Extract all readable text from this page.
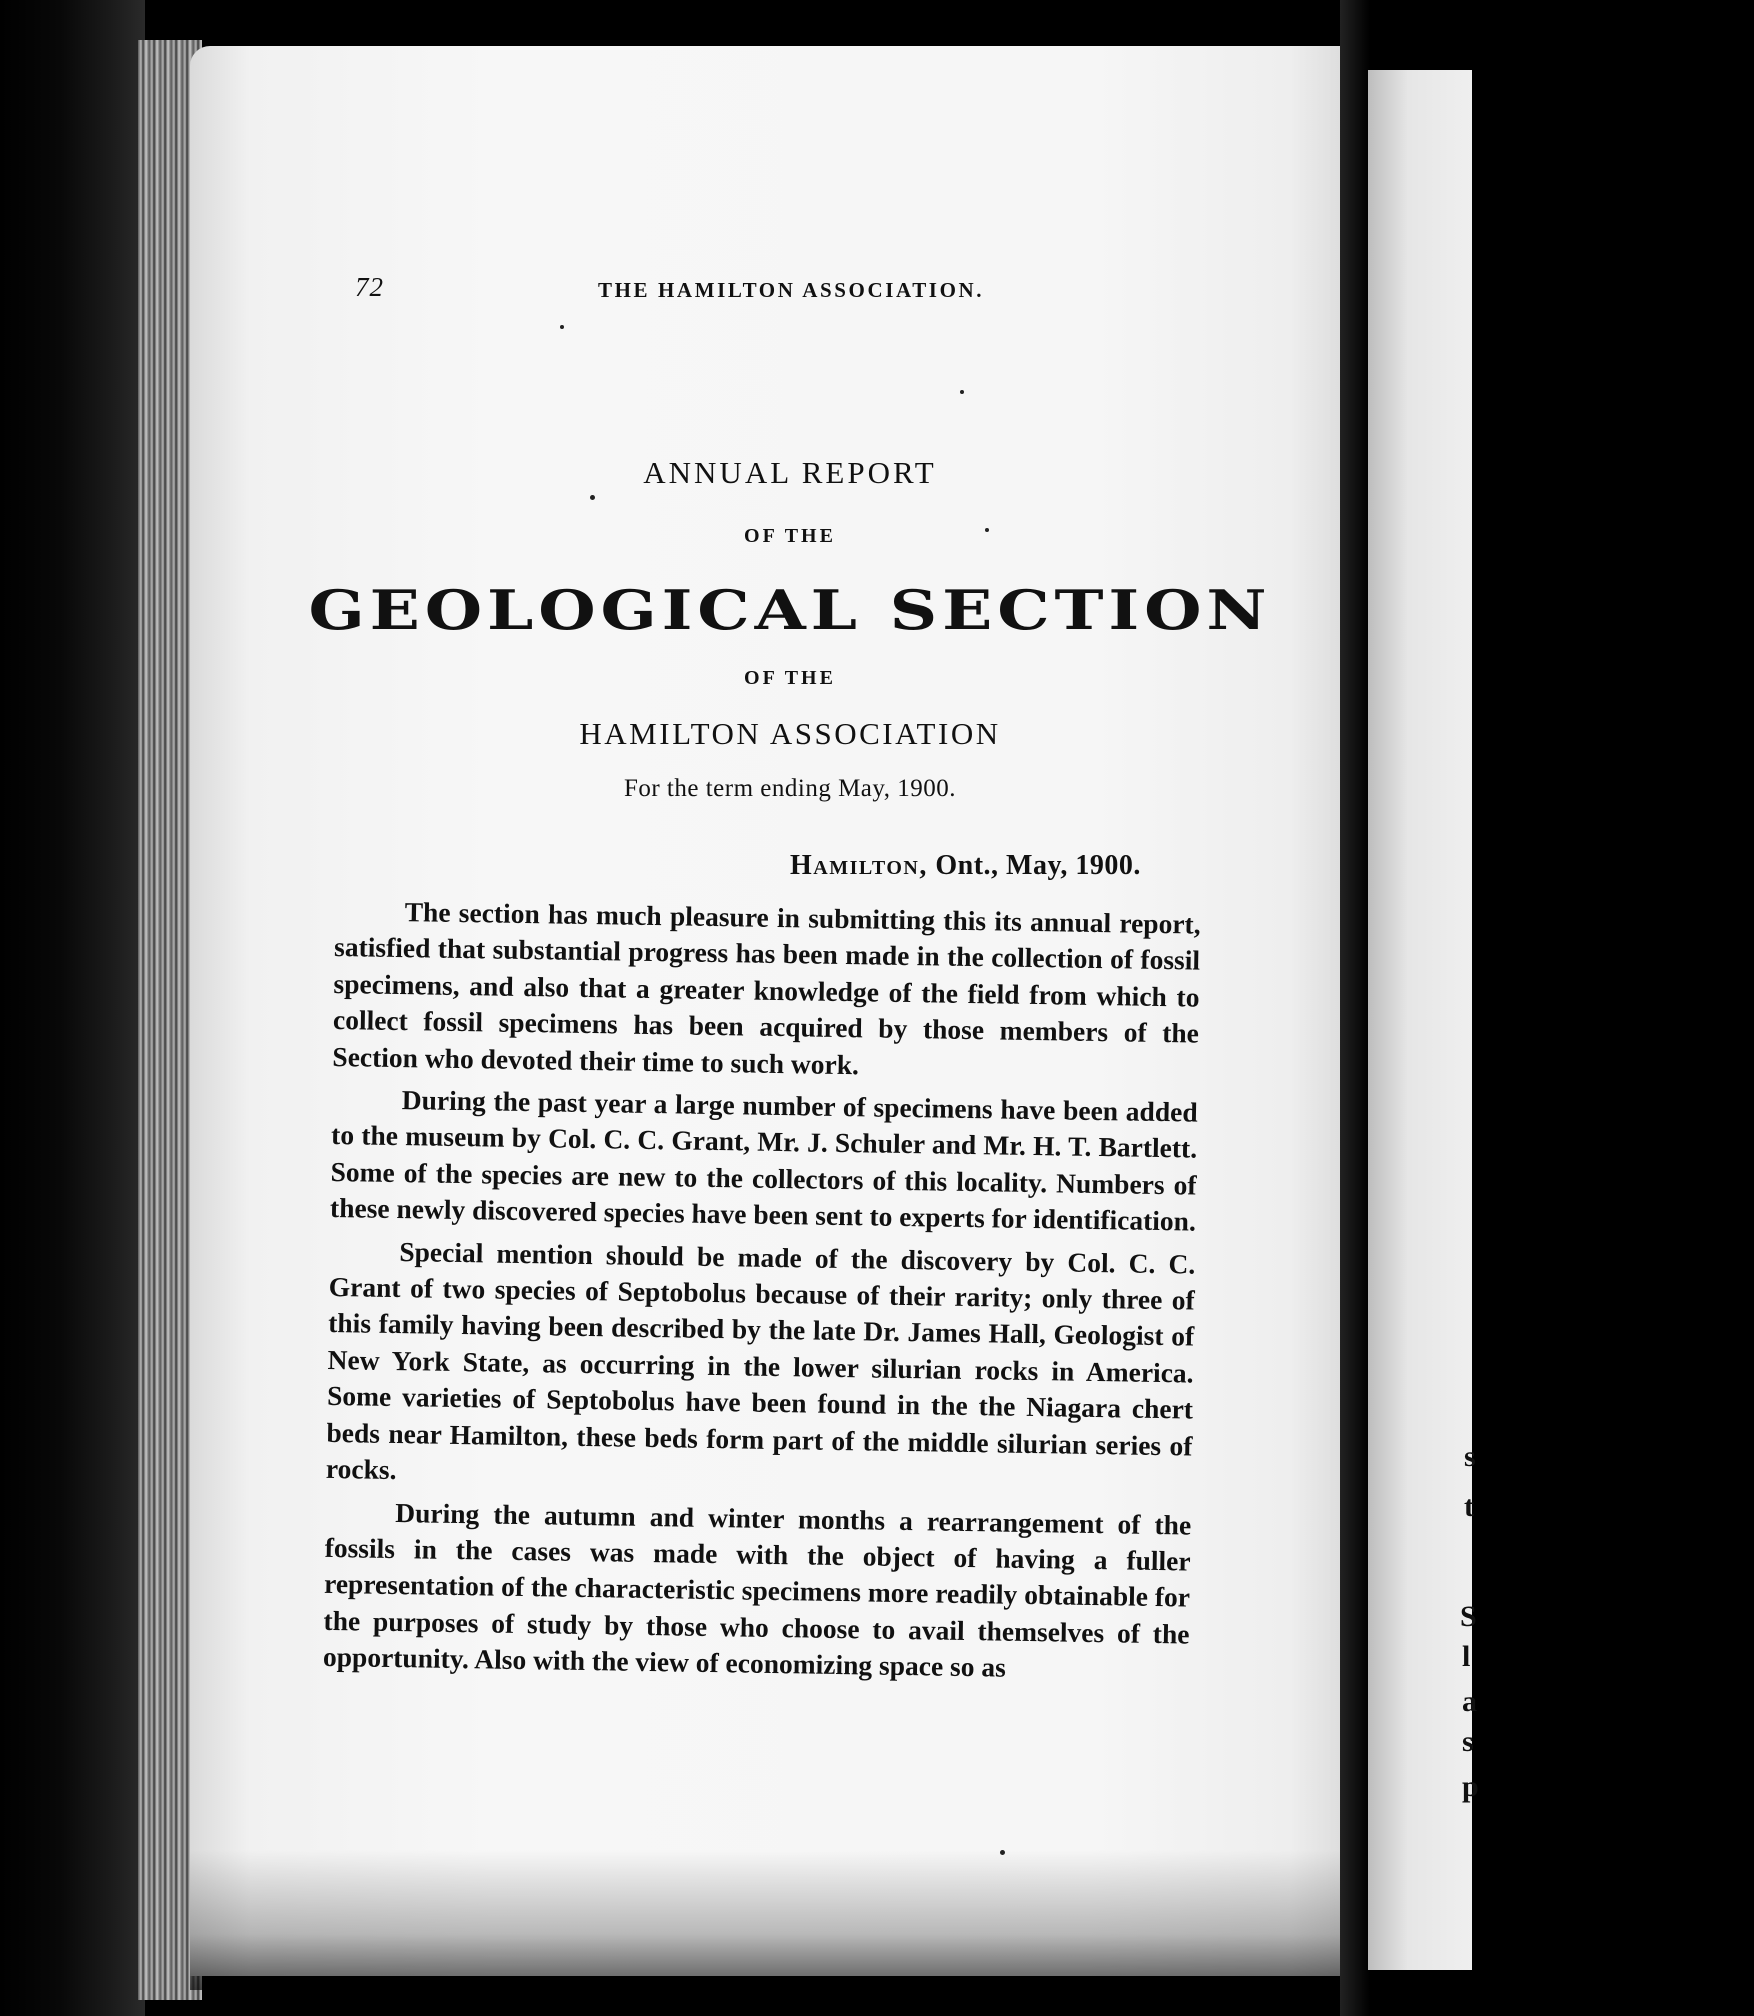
s
t
S
l
a
s
p
72	THE HAMILTON ASSOCIATION.
ANNUAL REPORT
OF THE
GEOLOGICAL SECTION
OF THE
HAMILTON ASSOCIATION
For the term ending May, 1900.
Hamilton, Ont., May, 1900.

The section has much pleasure in submitting this its annual report, satisfied that substantial progress has been made in the collection of fossil specimens, and also that a greater knowledge of the field from which to collect fossil specimens has been acquired by those members of the Section who devoted their time to such work.

During the past year a large number of specimens have been added to the museum by Col. C. C. Grant, Mr. J. Schuler and Mr. H. T. Bartlett. Some of the species are new to the collectors of this locality. Numbers of these newly discovered species have been sent to experts for identification.

Special mention should be made of the discovery by Col. C. C. Grant of two species of Septobolus because of their rarity; only three of this family having been described by the late Dr. James Hall, Geologist of New York State, as occurring in the lower silurian rocks in America. Some varieties of Septobolus have been found in the the Niagara chert beds near Hamilton, these beds form part of the middle silurian series of rocks.

During the autumn and winter months a rearrangement of the fossils in the cases was made with the object of having a fuller representation of the characteristic specimens more readily obtainable for the purposes of study by those who choose to avail themselves of the opportunity. Also with the view of economizing space so as
